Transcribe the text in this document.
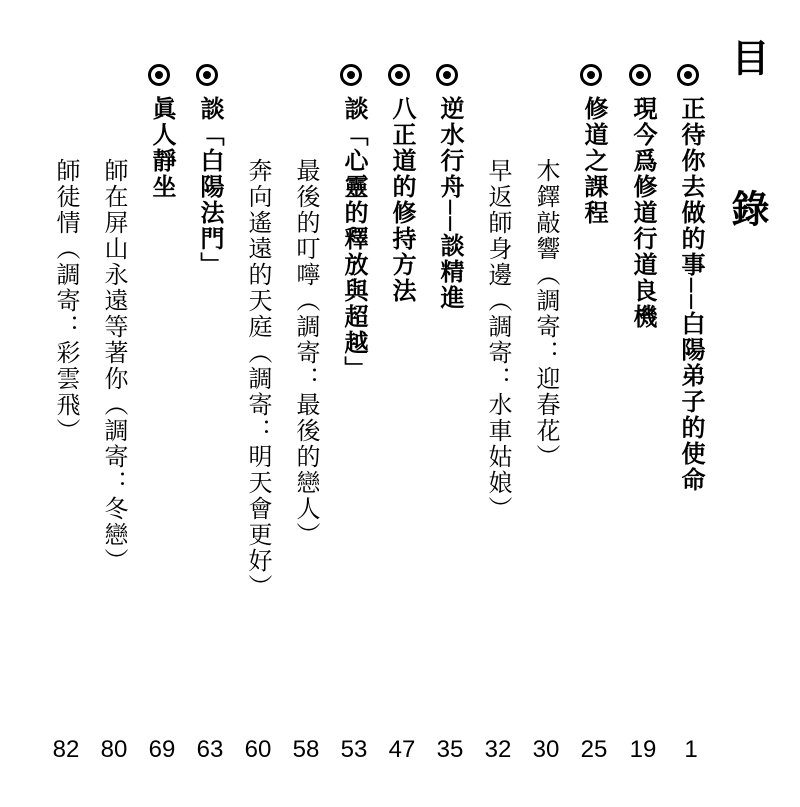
目 錄
正待你去做的事──白陽弟子的使命
1
現今爲修道行道良機
19
修道之課程
25
木鐸敲響（調寄：迎春花）
30
早返師身邊（調寄：水車姑娘）
32
逆水行舟──談精進
35
八正道的修持方法
47
談「心靈的釋放與超越」
53
最後的叮嚀（調寄：最後的戀人）
58
奔向遙遠的天庭（調寄：明天會更好）
60
談「白陽法門」
63
眞人靜坐
69
師在屏山永遠等著你（調寄：冬戀）
80
師徒情（調寄：彩雲飛）
82
